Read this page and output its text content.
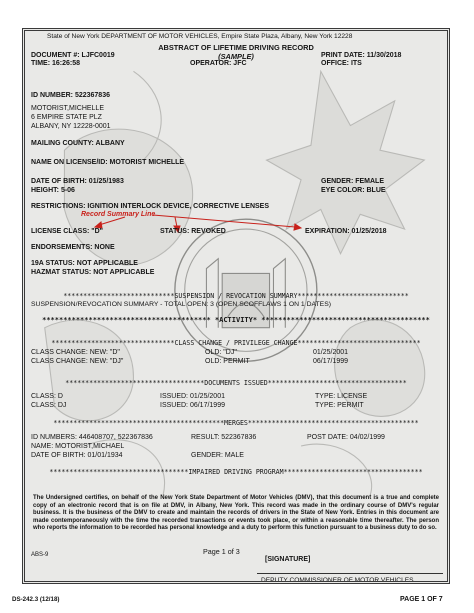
State of New York DEPARTMENT OF MOTOR VEHICLES, Empire State Plaza, Albany, New York 12228
ABSTRACT OF LIFETIME DRIVING RECORD
(SAMPLE)
DOCUMENT #: LJFC0019
TIME: 16:26:58	OPERATOR: JFC
PRINT DATE: 11/30/2018
OFFICE: ITS
ID NUMBER: 522367836
MOTORIST,MICHELLE
6 EMPIRE STATE PLZ
ALBANY, NY 12228-0001
MAILING COUNTY: ALBANY
NAME ON LICENSE/ID: MOTORIST MICHELLE
DATE OF BIRTH: 01/25/1983
HEIGHT: 5-06
GENDER: FEMALE
EYE COLOR: BLUE
RESTRICTIONS: IGNITION INTERLOCK DEVICE, CORRECTIVE LENSES
Record Summary Line
LICENSE CLASS: "D"	STATUS: REVOKED	EXPIRATION: 01/25/2018
ENDORSEMENTS: NONE
19A STATUS: NOT APPLICABLE
HAZMAT STATUS: NOT APPLICABLE
****************************SUSPENSION / REVOCATION SUMMARY****************************
SUSPENSION/REVOCATION SUMMARY - TOTAL OPEN: 3 (OPEN SCOFFLAWS 1 ON 1 DATES)
**************************************** *ACTIVITY* ****************************************
*******************************CLASS CHANGE / PRIVILEGE CHANGE*******************************
CLASS CHANGE: NEW: "D"	OLD: "DJ"	01/25/2001
CLASS CHANGE: NEW: "DJ"	OLD: PERMIT	06/17/1999
***********************************DOCUMENTS ISSUED***********************************
CLASS: D	ISSUED: 01/25/2001	TYPE: LICENSE
CLASS: DJ	ISSUED: 06/17/1999	TYPE: PERMIT
*******************************************MERGES*******************************************
ID NUMBERS: 446408707, 522367836	RESULT: 522367836	POST DATE: 04/02/1999
NAME: MOTORIST,MICHAEL
DATE OF BIRTH: 01/01/1934	GENDER: MALE
***********************************IMPAIRED DRIVING PROGRAM***********************************
The Undersigned certifies, on behalf of the New York State Department of Motor Vehicles (DMV), that this document is a true and complete copy of an electronic record that is on file at DMV, in Albany, New York. This record was made in the ordinary course of DMV's regular business. It is the business of the DMV to create and maintain the records of drivers in the State of New York. Entries in this document are made contemporaneously with the time the recorded transactions or events took place, or within a reasonable time thereafter. The person who reports the information to be recorded has personal knowledge and a duty to perform this function pursuant to a business duty to do so.
ABS-9	Page 1 of 3
[SIGNATURE]
DEPUTY COMMISSIONER OF MOTOR VEHICLES
DS-242.3 (12/18)	PAGE 1 OF 7
